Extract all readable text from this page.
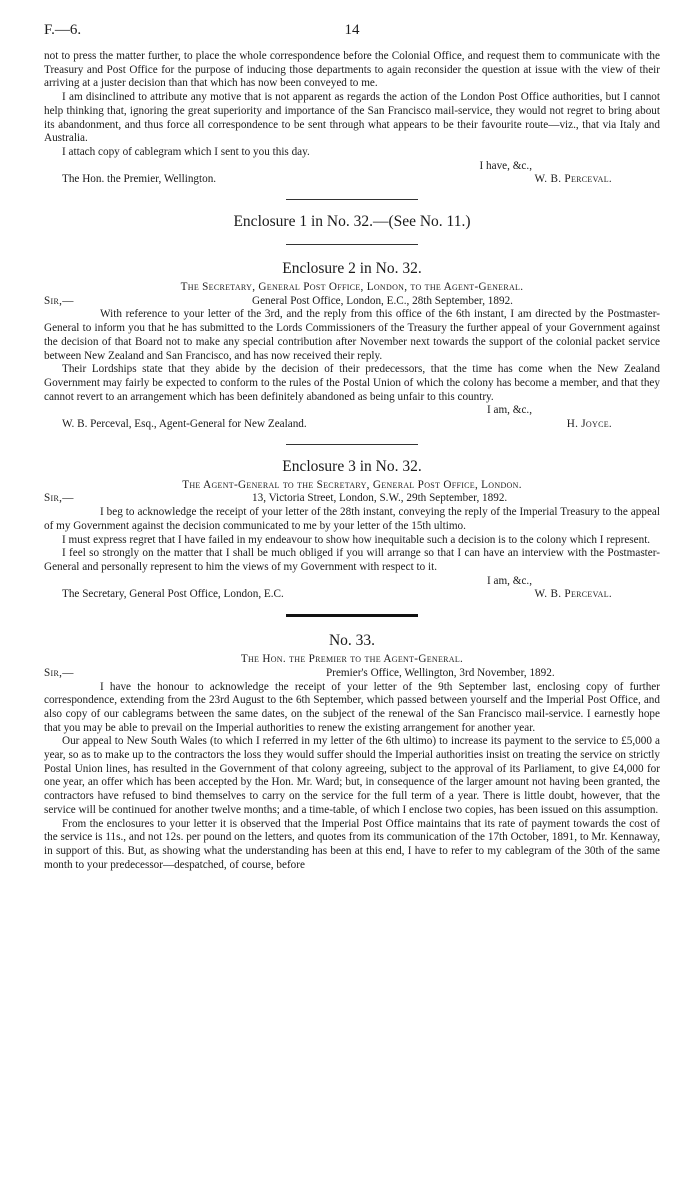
F.—6.	14

not to press the matter further, to place the whole correspondence before the Colonial Office, and request them to communicate with the Treasury and Post Office for the purpose of inducing those departments to again reconsider the question at issue with the view of their arriving at a juster decision than that which has now been conveyed to me.

I am disinclined to attribute any motive that is not apparent as regards the action of the London Post Office authorities, but I cannot help thinking that, ignoring the great superiority and importance of the San Francisco mail-service, they would not regret to bring about its abandonment, and thus force all correspondence to be sent through what appears to be their favourite route—viz., that via Italy and Australia.

I attach copy of cablegram which I sent to you this day.

I have, &c.,
The Hon. the Premier, Wellington.	W. B. Perceval.
Enclosure 1 in No. 32.—(See No. 11.)
Enclosure 2 in No. 32.
The Secretary, General Post Office, London, to the Agent-General.
Sir,—	General Post Office, London, E.C., 28th September, 1892.

With reference to your letter of the 3rd, and the reply from this office of the 6th instant, I am directed by the Postmaster-General to inform you that he has submitted to the Lords Commissioners of the Treasury the further appeal of your Government against the decision of that Board not to make any special contribution after November next towards the support of the colonial packet service between New Zealand and San Francisco, and has now received their reply.

Their Lordships state that they abide by the decision of their predecessors, that the time has come when the New Zealand Government may fairly be expected to conform to the rules of the Postal Union of which the colony has become a member, and that they cannot revert to an arrangement which has been definitely abandoned as being unfair to this country.

I am, &c.,
W. B. Perceval, Esq., Agent-General for New Zealand.	H. Joyce.
Enclosure 3 in No. 32.
The Agent-General to the Secretary, General Post Office, London.
Sir,—	13, Victoria Street, London, S.W., 29th September, 1892.

I beg to acknowledge the receipt of your letter of the 28th instant, conveying the reply of the Imperial Treasury to the appeal of my Government against the decision communicated to me by your letter of the 15th ultimo.

I must express regret that I have failed in my endeavour to show how inequitable such a decision is to the colony which I represent.

I feel so strongly on the matter that I shall be much obliged if you will arrange so that I can have an interview with the Postmaster-General and personally represent to him the views of my Government with respect to it.

I am, &c.,
The Secretary, General Post Office, London, E.C.	W. B. Perceval.
No. 33.
The Hon. the Premier to the Agent-General.
Sir,—	Premier's Office, Wellington, 3rd November, 1892.

I have the honour to acknowledge the receipt of your letter of the 9th September last, enclosing copy of further correspondence, extending from the 23rd August to the 6th September, which passed between yourself and the Imperial Post Office, and also copy of our cablegrams between the same dates, on the subject of the renewal of the San Francisco mail-service. I earnestly hope that you may be able to prevail on the Imperial authorities to renew the existing arrangement for another year.

Our appeal to New South Wales (to which I referred in my letter of the 6th ultimo) to increase its payment to the service to £5,000 a year, so as to make up to the contractors the loss they would suffer should the Imperial authorities insist on treating the service on strictly Postal Union lines, has resulted in the Government of that colony agreeing, subject to the approval of its Parliament, to give £4,000 for one year, an offer which has been accepted by the Hon. Mr. Ward; but, in consequence of the larger amount not having been granted, the contractors have refused to bind themselves to carry on the service for the full term of a year. There is little doubt, however, that the service will be continued for another twelve months; and a time-table, of which I enclose two copies, has been issued on this assumption.

From the enclosures to your letter it is observed that the Imperial Post Office maintains that its rate of payment towards the cost of the service is 11s., and not 12s. per pound on the letters, and quotes from its communication of the 17th October, 1891, to Mr. Kennaway, in support of this. But, as showing what the understanding has been at this end, I have to refer to my cablegram of the 30th of the same month to your predecessor—despatched, of course, before
